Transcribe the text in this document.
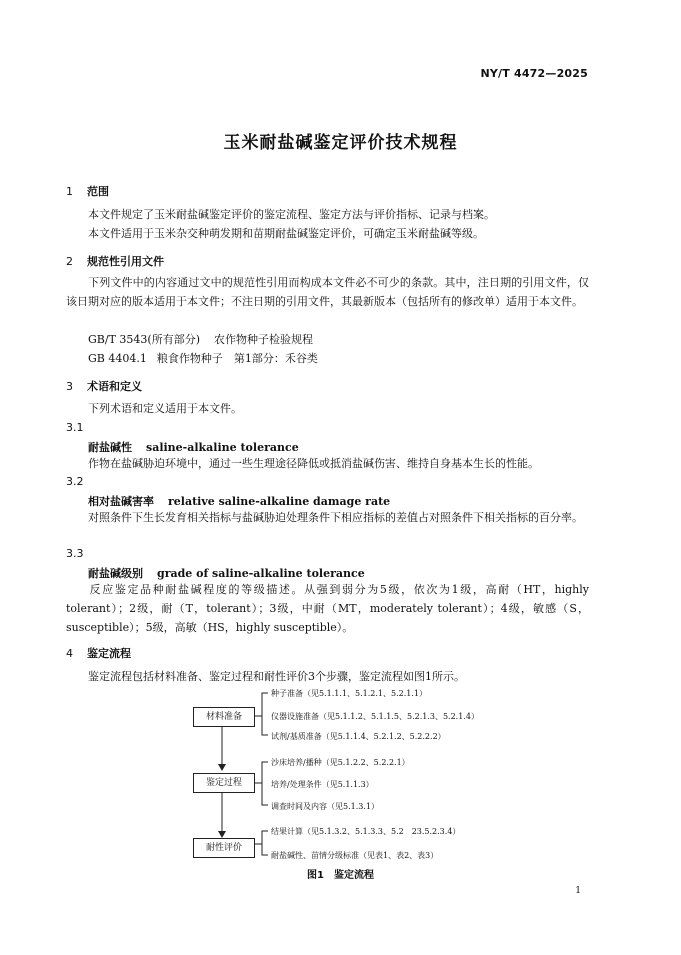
NY/T 4472—2025
玉米耐盐碱鉴定评价技术规程
1 范围
本文件规定了玉米耐盐碱鉴定评价的鉴定流程、鉴定方法与评价指标、记录与档案。
本文件适用于玉米杂交种萌发期和苗期耐盐碱鉴定评价，可确定玉米耐盐碱等级。
2 规范性引用文件
下列文件中的内容通过文中的规范性引用而构成本文件必不可少的条款。其中，注日期的引用文件，仅该日期对应的版本适用于本文件；不注日期的引用文件，其最新版本（包括所有的修改单）适用于本文件。
GB/T 3543(所有部分) 农作物种子检验规程
GB 4404.1 粮食作物种子　第1部分：禾谷类
3 术语和定义
下列术语和定义适用于本文件。
3.1
耐盐碱性 saline-alkaline tolerance
作物在盐碱胁迫环境中，通过一些生理途径降低或抵消盐碱伤害、维持自身基本生长的性能。
3.2
相对盐碱害率 relative saline-alkaline damage rate
对照条件下生长发育相关指标与盐碱胁迫处理条件下相应指标的差值占对照条件下相关指标的百分率。
3.3
耐盐碱级别 grade of saline-alkaline tolerance
反应鉴定品种耐盐碱程度的等级描述。从强到弱分为5级，依次为1级，高耐（HT，highly tolerant）；2级，耐（T，tolerant）；3级，中耐（MT，moderately tolerant）；4级，敏感（S，susceptible）；5级，高敏（HS，highly susceptible）。
4 鉴定流程
鉴定流程包括材料准备、鉴定过程和耐性评价3个步骤，鉴定流程如图1所示。
材料准备
鉴定过程
耐性评价
种子准备（见5.1.1.1、5.1.2.1、5.2.1.1）
仪器设施准备（见5.1.1.2、5.1.1.5、5.2.1.3、5.2.1.4）
试剂/基质准备（见5.1.1.4、5.2.1.2、5.2.2.2）
沙床培养/播种（见5.1.2.2、5.2.2.1）
培养/处理条件（见5.1.1.3）
调查时间及内容（见5.1.3.1）
结果计算（见5.1.3.2、5.1.3.3、5.2　23.5.2.3.4）
耐盐碱性、苗情分级标准（见表1、表2、表3）
图1　鉴定流程
1
